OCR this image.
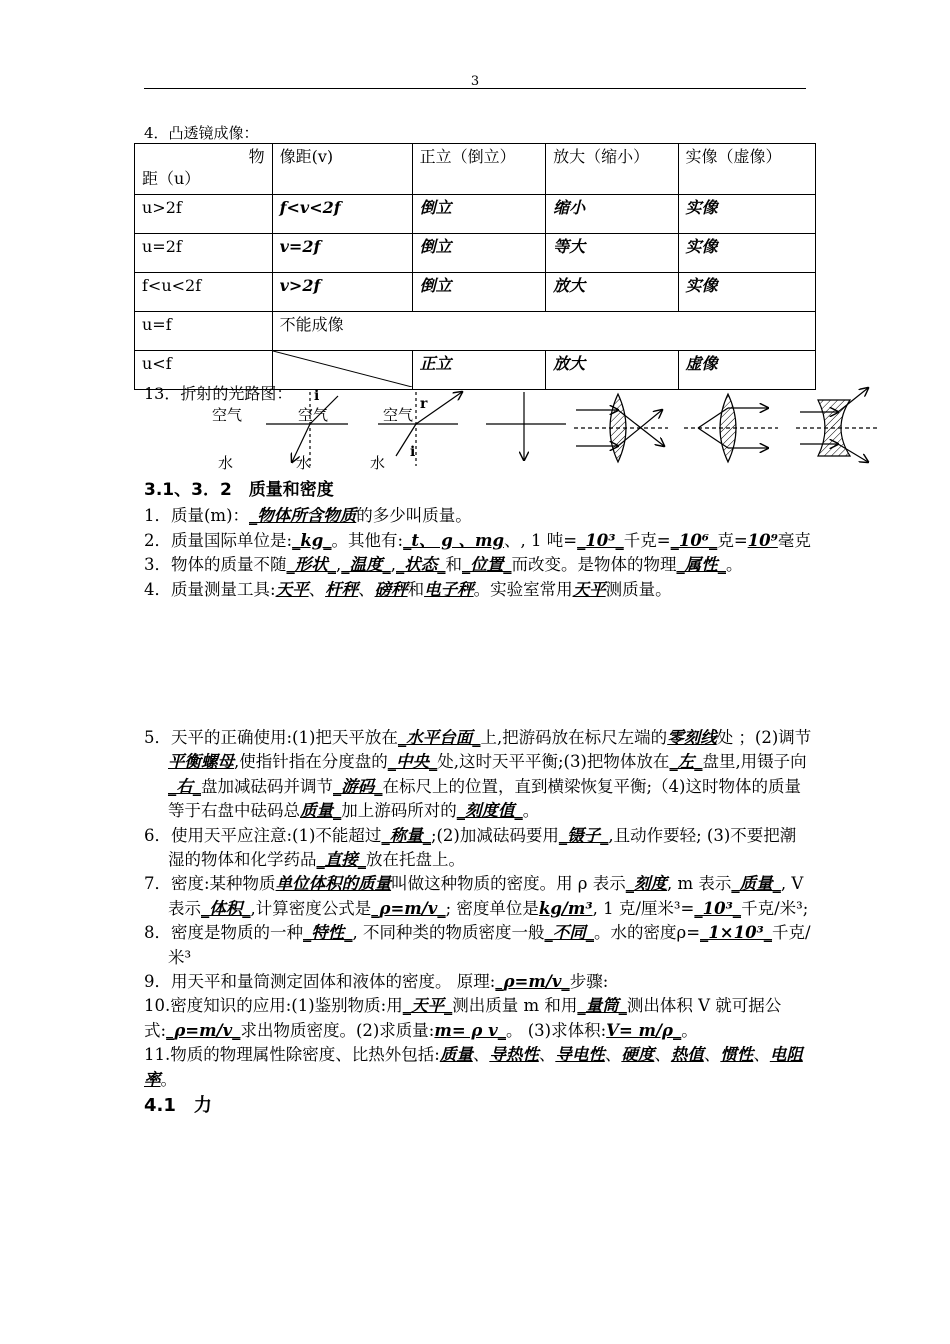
3
4．凸透镜成像：
物
距（u）	像距(v)	正立（倒立）	放大（缩小）	实像（虚像）
u>2f	f<v<2f	倒立	缩小	实像
u=2f	v=2f	倒立	等大	实像
f<u<2f	v>2f	倒立	放大	实像
u=f	不能成像			
u<f		正立	放大	虚像
13．折射的光路图：
空气
水
空气
水
空气
水
i	r
i

3.1、3．2　质量和密度

1．质量(m)：_物体所含物质的多少叫质量。

2．质量国际单位是:_kg_。其他有:_t、 g 、mg、, 1 吨=_10³_千克=_10⁶_克=10⁹毫克

3．物体的质量不随_形状_,_温度_,_状态_和_位置_而改变。是物体的物理_属性_。

4．质量测量工具:天平、杆秤、磅秤和电子秤。实验室常用天平测质量。

5．天平的正确使用:(1)把天平放在_水平台面_上,把游码放在标尺左端的零刻线处 ；(2)调节平衡螺母,使指针指在分度盘的_中央_处,这时天平平衡;(3)把物体放在_左_盘里,用镊子向_右_盘加减砝码并调节_游码_在标尺上的位置，直到横梁恢复平衡;（4)这时物体的质量等于右盘中砝码总质量_加上游码所对的_刻度值_。

6．使用天平应注意:(1)不能超过_称量_;(2)加减砝码要用_镊子_,且动作要轻; (3)不要把潮湿的物体和化学药品_直接_放在托盘上。

7．密度:某种物质单位体积的质量叫做这种物质的密度。用 ρ 表示_刻度, m 表示_质量_, V 表示_体积_,计算密度公式是_ρ=m/v_; 密度单位是kg/m³, 1 克/厘米³=_10³_千克/米³;

8．密度是物质的一种_特性_, 不同种类的物质密度一般_不同_。水的密度ρ=_1×10³_千克/米³

9．用天平和量筒测定固体和液体的密度。 原理:_ρ=m/v_步骤:

10.密度知识的应用:(1)鉴别物质:用_天平_测出质量 m 和用_量筒_测出体积 V 就可据公式:_ρ=m/v_求出物质密度。(2)求质量:m= ρ v_。 (3)求体积:V= m/ρ_。

11.物质的物理属性除密度、比热外包括:质量、导热性、导电性、硬度、热值、惯性、电阻率。

4.1　力
